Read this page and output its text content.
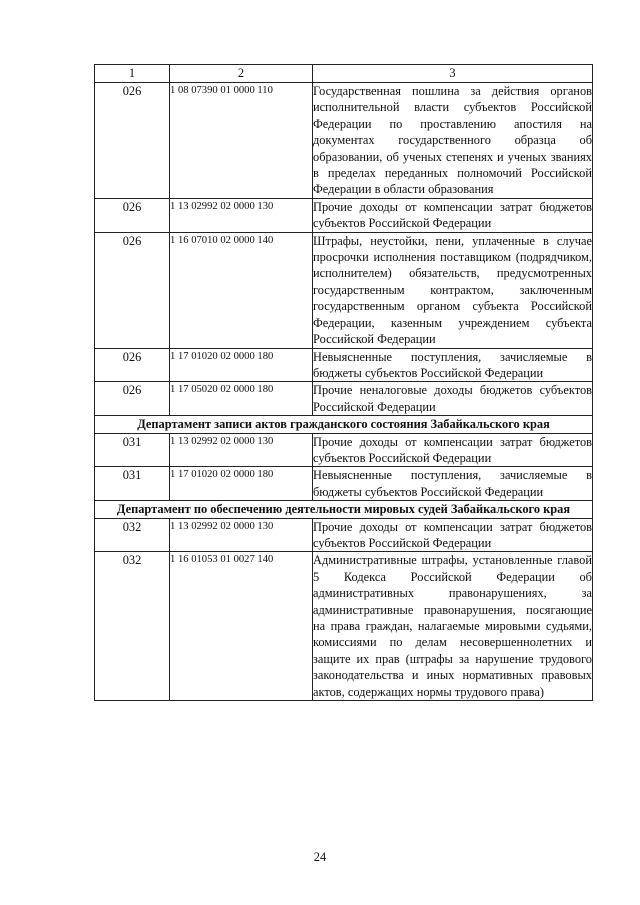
1	2	3
026	1 08 07390 01 0000 110	Государственная пошлина за действия органов исполнительной власти субъектов Российской Федерации по проставлению апостиля на документах государственного образца об образовании, об ученых степенях и ученых званиях в пределах переданных полномочий Российской Федерации в области образования
026	1 13 02992 02 0000 130	Прочие доходы от компенсации затрат бюджетов субъектов Российской Федерации
026	1 16 07010 02 0000 140	Штрафы, неустойки, пени, уплаченные в случае просрочки исполнения поставщиком (подрядчиком, исполнителем) обязательств, предусмотренных государственным контрактом, заключенным государственным органом субъекта Российской Федерации, казенным учреждением субъекта Российской Федерации
026	1 17 01020 02 0000 180	Невыясненные поступления, зачисляемые в бюджеты субъектов Российской Федерации
026	1 17 05020 02 0000 180	Прочие неналоговые доходы бюджетов субъектов Российской Федерации
Департамент записи актов гражданского состояния Забайкальского края		
031	1 13 02992 02 0000 130	Прочие доходы от компенсации затрат бюджетов субъектов Российской Федерации
031	1 17 01020 02 0000 180	Невыясненные поступления, зачисляемые в бюджеты субъектов Российской Федерации
Департамент по обеспечению деятельности мировых судей Забайкальского края		
032	1 13 02992 02 0000 130	Прочие доходы от компенсации затрат бюджетов субъектов Российской Федерации
032	1 16 01053 01 0027 140	Административные штрафы, установленные главой 5 Кодекса Российской Федерации об административных правонарушениях, за административные правонарушения, посягающие на права граждан, налагаемые мировыми судьями, комиссиями по делам несовершеннолетних и защите их прав (штрафы за нарушение трудового законодательства и иных нормативных правовых актов, содержащих нормы трудового права)
24
